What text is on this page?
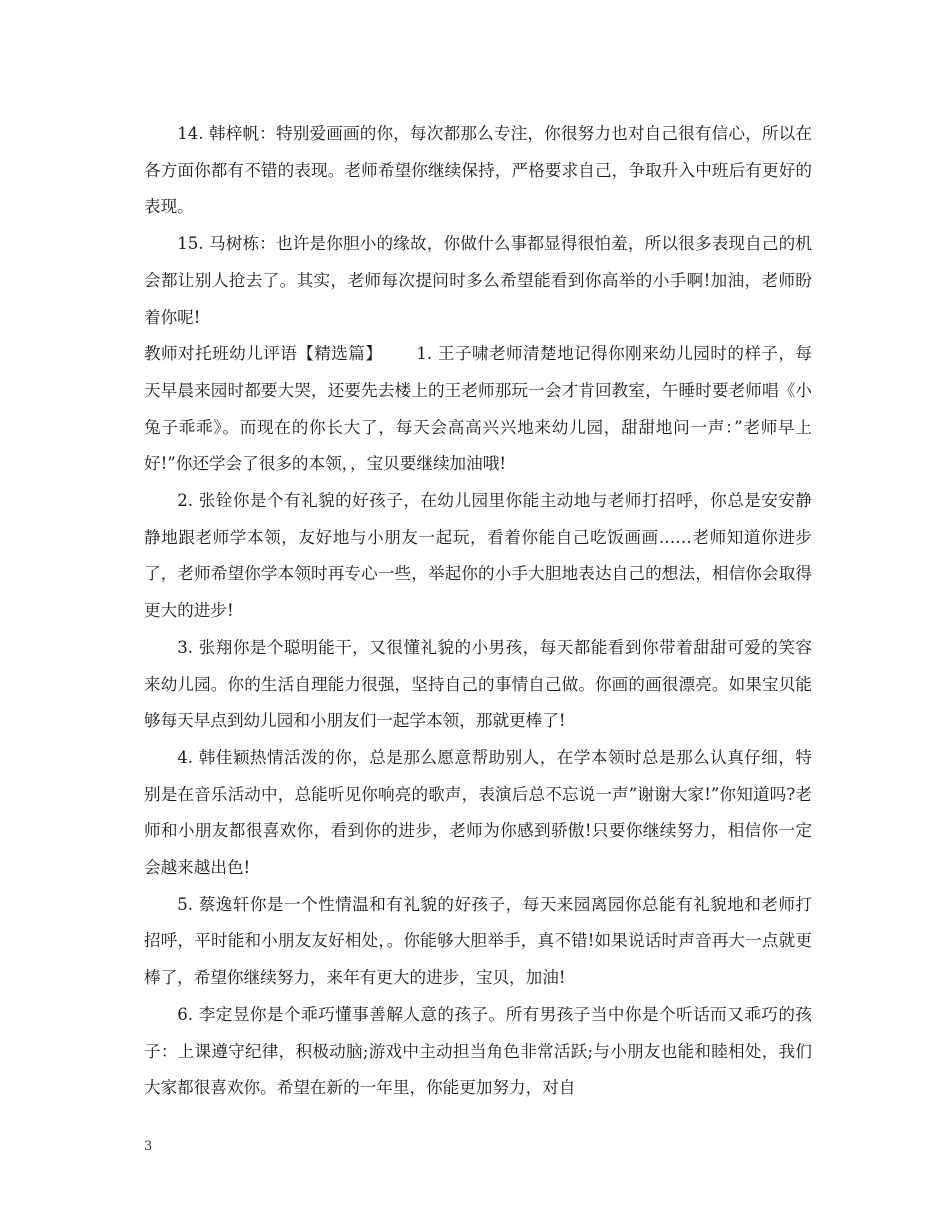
14. 韩梓帆：特别爱画画的你，每次都那么专注，你很努力也对自己很有信心，所以在各方面你都有不错的表现。老师希望你继续保持，严格要求自己，争取升入中班后有更好的表现。

15. 马树栋：也许是你胆小的缘故，你做什么事都显得很怕羞，所以很多表现自己的机会都让别人抢去了。其实，老师每次提问时多么希望能看到你高举的小手啊!加油，老师盼着你呢!

教师对托班幼儿评语【精选篇】 1. 王子啸老师清楚地记得你刚来幼儿园时的样子，每天早晨来园时都要大哭，还要先去楼上的王老师那玩一会才肯回教室，午睡时要老师唱《小兔子乖乖》。而现在的你长大了，每天会高高兴兴地来幼儿园，甜甜地问一声：”老师早上好!”你还学会了很多的本领，，宝贝要继续加油哦!

2. 张铨你是个有礼貌的好孩子，在幼儿园里你能主动地与老师打招呼，你总是安安静静地跟老师学本领，友好地与小朋友一起玩，看着你能自己吃饭画画……老师知道你进步了，老师希望你学本领时再专心一些，举起你的小手大胆地表达自己的想法，相信你会取得更大的进步!

3. 张翔你是个聪明能干，又很懂礼貌的小男孩，每天都能看到你带着甜甜可爱的笑容来幼儿园。你的生活自理能力很强，坚持自己的事情自己做。你画的画很漂亮。如果宝贝能够每天早点到幼儿园和小朋友们一起学本领，那就更棒了!

4. 韩佳颖热情活泼的你，总是那么愿意帮助别人，在学本领时总是那么认真仔细，特别是在音乐活动中，总能听见你响亮的歌声，表演后总不忘说一声”谢谢大家!”你知道吗?老师和小朋友都很喜欢你，看到你的进步，老师为你感到骄傲!只要你继续努力，相信你一定会越来越出色!

5. 蔡逸轩你是一个性情温和有礼貌的好孩子，每天来园离园你总能有礼貌地和老师打招呼，平时能和小朋友友好相处，。你能够大胆举手，真不错!如果说话时声音再大一点就更棒了，希望你继续努力，来年有更大的进步，宝贝，加油!

6. 李定昱你是个乖巧懂事善解人意的孩子。所有男孩子当中你是个听话而又乖巧的孩子：上课遵守纪律，积极动脑;游戏中主动担当角色非常活跃;与小朋友也能和睦相处，我们大家都很喜欢你。希望在新的一年里，你能更加努力，对自

3
